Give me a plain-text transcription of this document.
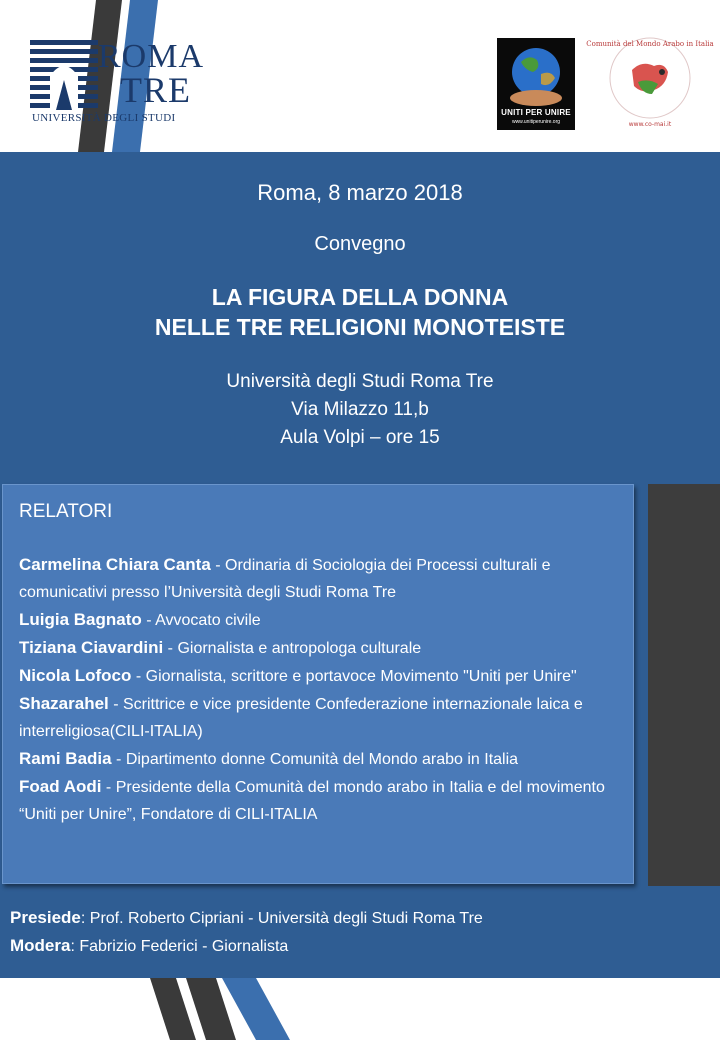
ROMA
TRE
UNIVERSITÀ DEGLI STUDI	UNITI PER UNIRE
www.unitiperunire.org
Comunità del Mondo Arabo in Italia
www.co-mai.it
Roma, 8 marzo 2018
Convegno
LA FIGURA DELLA DONNA
NELLE TRE RELIGIONI MONOTEISTE
Università degli Studi Roma Tre
Via Milazzo 11,b
Aula Volpi – ore 15
RELATORI

Carmelina Chiara Canta - Ordinaria di Sociologia dei Processi culturali e comunicativi presso l’Università degli Studi Roma Tre

Luigia Bagnato - Avvocato civile

Tiziana Ciavardini - Giornalista e antropologa culturale

Nicola Lofoco - Giornalista, scrittore e portavoce Movimento "Uniti per Unire"

Shazarahel - Scrittrice e vice presidente Confederazione internazionale laica e interreligiosa(CILI-ITALIA)

Rami Badia - Dipartimento donne Comunità del Mondo arabo in Italia

Foad Aodi - Presidente della Comunità del mondo arabo in Italia e del movimento “Uniti per Unire”, Fondatore di CILI-ITALIA

Presiede: Prof. Roberto Cipriani - Università degli Studi Roma Tre

Modera: Fabrizio Federici - Giornalista
